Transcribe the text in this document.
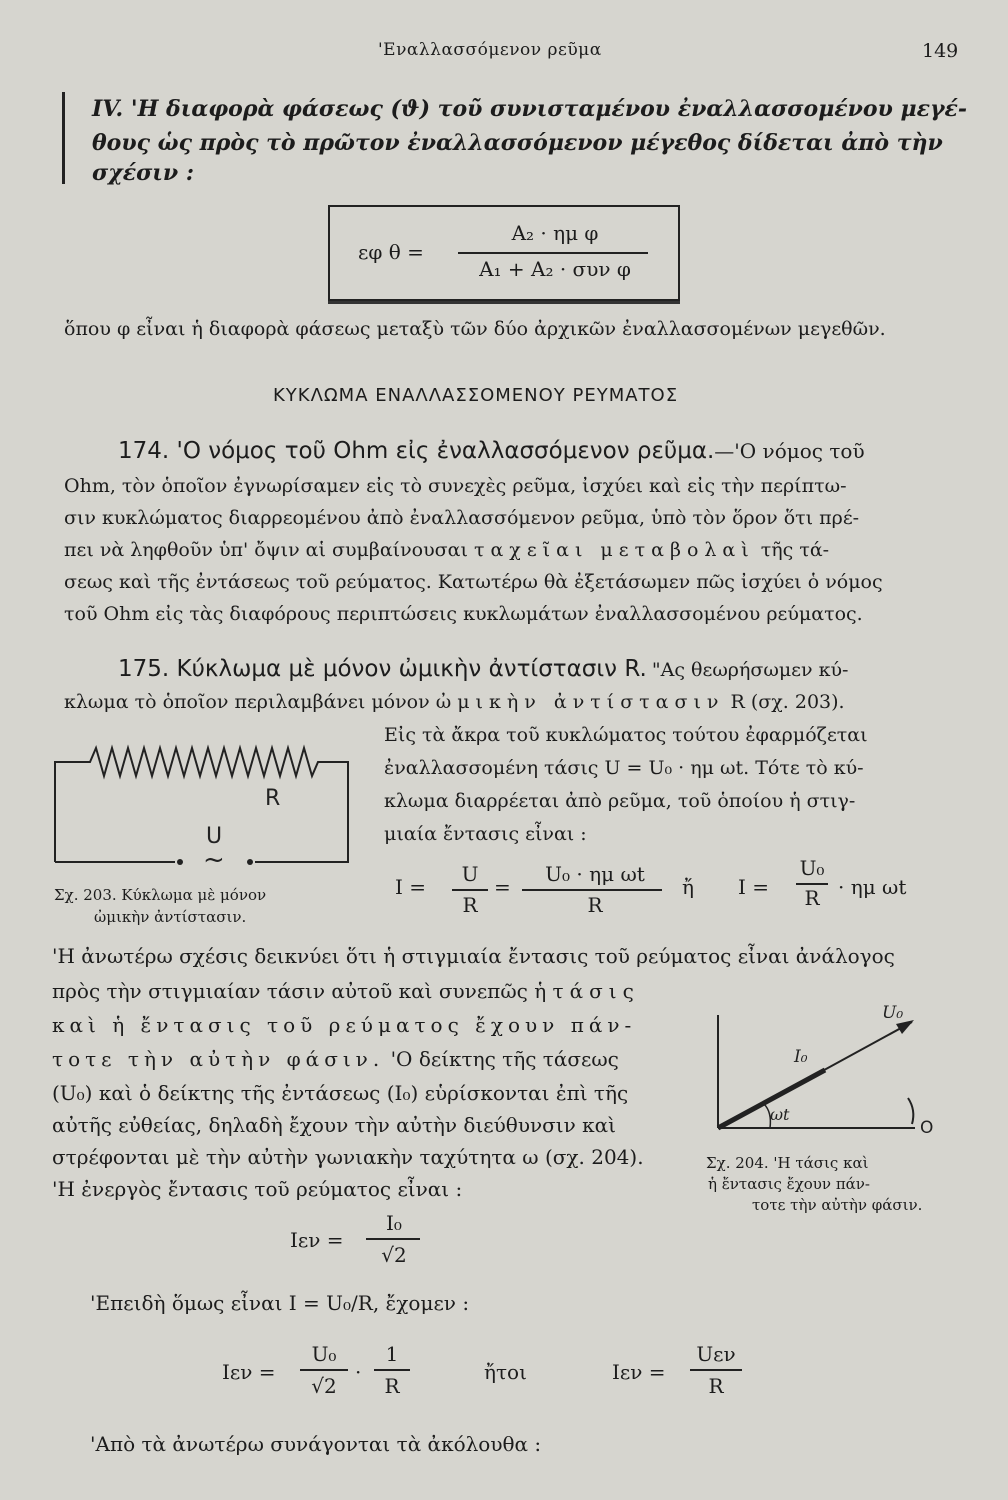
'Εναλλασσόμενον ρεῦμα	149
IV. 'Η διαφορὰ φάσεως (ϑ) τοῦ συνισταμένου ἐναλλασσομένου μεγέ-
θους ὡς πρὸς τὸ πρῶτον ἐναλλασσόμενον μέγεθος δίδεται ἀπὸ τὴν
σχέσιν :
εφ θ =
A₂ · ημ φ
A₁ + A₂ · συν φ
ὅπου φ εἶναι ἡ διαφορὰ φάσεως μεταξὺ τῶν δύο ἀρχικῶν ἐναλλασσομένων μεγεθῶν.
ΚΥΚΛΩΜΑ ΕΝΑΛΛΑΣΣΟΜΕΝΟΥ ΡΕΥΜΑΤΟΣ
174. 'Ο νόμος τοῦ Ohm εἰς ἐναλλασσόμενον ρεῦμα.—'Ο νόμος τοῦ
Ohm, τὸν ὁποῖον ἐγνωρίσαμεν εἰς τὸ συνεχὲς ρεῦμα, ἰσχύει καὶ εἰς τὴν περίπτω-
σιν κυκλώματος διαρρεομένου ἀπὸ ἐναλλασσόμενον ρεῦμα, ὑπὸ τὸν ὅρον ὅτι πρέ-
πει νὰ ληφθοῦν ὑπ' ὄψιν αἱ συμβαίνουσαι ταχεῖαι μεταβολαὶ τῆς τά-
σεως καὶ τῆς ἐντάσεως τοῦ ρεύματος. Κατωτέρω θὰ ἐξετάσωμεν πῶς ἰσχύει ὁ νόμος
τοῦ Ohm εἰς τὰς διαφόρους περιπτώσεις κυκλωμάτων ἐναλλασσομένου ρεύματος.
175. Κύκλωμα μὲ μόνον ὠμικὴν ἀντίστασιν R. "Ας θεωρήσωμεν κύ-
κλωμα τὸ ὁποῖον περιλαμβάνει μόνον ὠμικὴν ἀντίστασιν R (σχ. 203).
Εἰς τὰ ἄκρα τοῦ κυκλώματος τούτου ἐφαρμόζεται
ἐναλλασσομένη τάσις U = U₀ · ημ ωt. Τότε τὸ κύ-
κλωμα διαρρέεται ἀπὸ ρεῦμα, τοῦ ὁποίου ἡ στιγ-
μιαία ἔντασις εἶναι :
R
U
~
Σχ. 203. Κύκλωμα μὲ μόνον
ὠμικὴν ἀντίστασιν.
I =
U
R
=
U₀ · ημ ωt
R
ἤ I =
U₀
R · ημ ωt
'Η ἀνωτέρω σχέσις δεικνύει ὅτι ἡ στιγμιαία ἔντασις τοῦ ρεύματος εἶναι ἀνάλογος
πρὸς τὴν στιγμιαίαν τάσιν αὐτοῦ καὶ συνεπῶς ἡ τάσις
καὶ ἡ ἔντασις τοῦ ρεύματος ἔχουν πάν-
τοτε τὴν αὐτὴν φάσιν. 'Ο δείκτης τῆς τάσεως
(U₀) καὶ ὁ δείκτης τῆς ἐντάσεως (I₀) εὑρίσκονται ἐπὶ τῆς
αὐτῆς εὐθείας, δηλαδὴ ἔχουν τὴν αὐτὴν διεύθυνσιν καὶ
στρέφονται μὲ τὴν αὐτὴν γωνιακὴν ταχύτητα ω (σχ. 204).
'Η ἐνεργὸς ἔντασις τοῦ ρεύματος εἶναι :
U₀
I₀
ωt
O
Σχ. 204. 'Η τάσις καὶ
ἡ ἔντασις ἔχουν πάν-
τοτε τὴν αὐτὴν φάσιν.
Iεν =
I₀
√2
'Επειδὴ ὅμως εἶναι I = U₀/R, ἔχομεν :
Iεν =
U₀
√2
·
1
R
ἤτοι	Iεν =
Uεν
R
'Απὸ τὰ ἀνωτέρω συνάγονται τὰ ἀκόλουθα :
